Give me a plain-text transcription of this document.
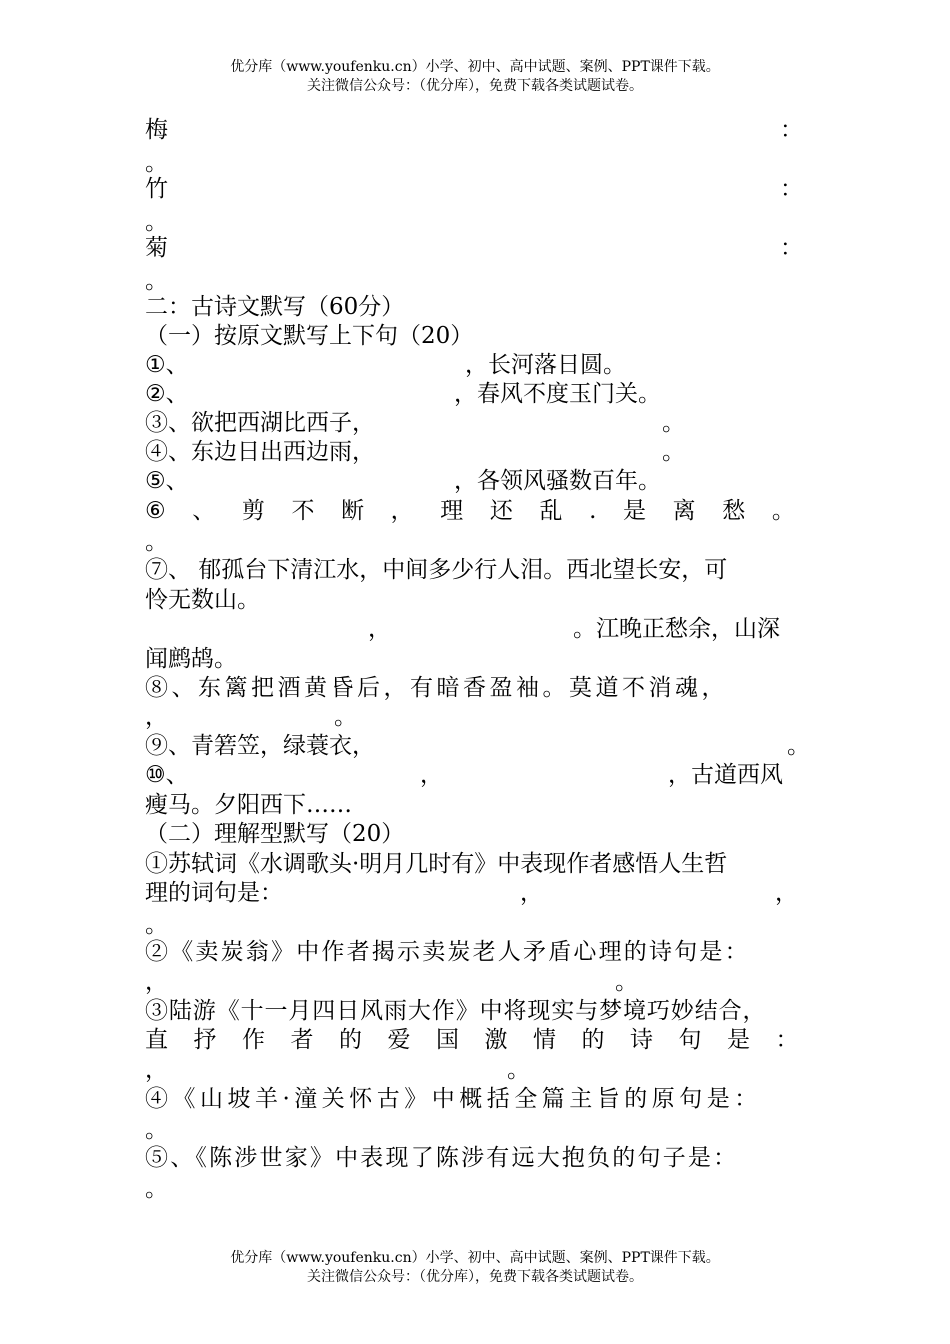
优分库（www.youfenku.cn）小学、初中、高中试题、案例、PPT课件下载。
关注微信公众号：（优分库），免费下载各类试题试卷。
梅	：
。
竹	：
。
菊	：
。
二：古诗文默写（60分）
（一）按原文默写上下句（20）
①、	，长河落日圆。
②、	，春风不度玉门关。
③、欲把西湖比西子，	。
④、东边日出西边雨，	。
⑤、	，各领风骚数百年。
⑥ 、 剪 不 断 ， 理 还 乱 . 是 离 愁 。
。
⑦、 郁孤台下清江水，中间多少行人泪。西北望长安，可
怜无数山。
，	。江晚正愁余，山深
闻鹧鸪。
⑧、东篱把酒黄昏后，有暗香盈袖。莫道不消魂，
，	。
⑨、青箬笠，绿蓑衣，	。
⑩、	，	，古道西风
瘦马。夕阳西下……
（二）理解型默写（20）
①苏轼词《水调歌头·明月几时有》中表现作者感悟人生哲
理的词句是：	，	，
。
②《卖炭翁》中作者揭示卖炭老人矛盾心理的诗句是：
，	。
③陆游《十一月四日风雨大作》中将现实与梦境巧妙结合，
直抒作者的爱国激情的诗句是：
，	。
④《山坡羊·潼关怀古》中概括全篇主旨的原句是：
。
⑤、《陈涉世家》中表现了陈涉有远大抱负的句子是：
。
优分库（www.youfenku.cn）小学、初中、高中试题、案例、PPT课件下载。
关注微信公众号：（优分库），免费下载各类试题试卷。
